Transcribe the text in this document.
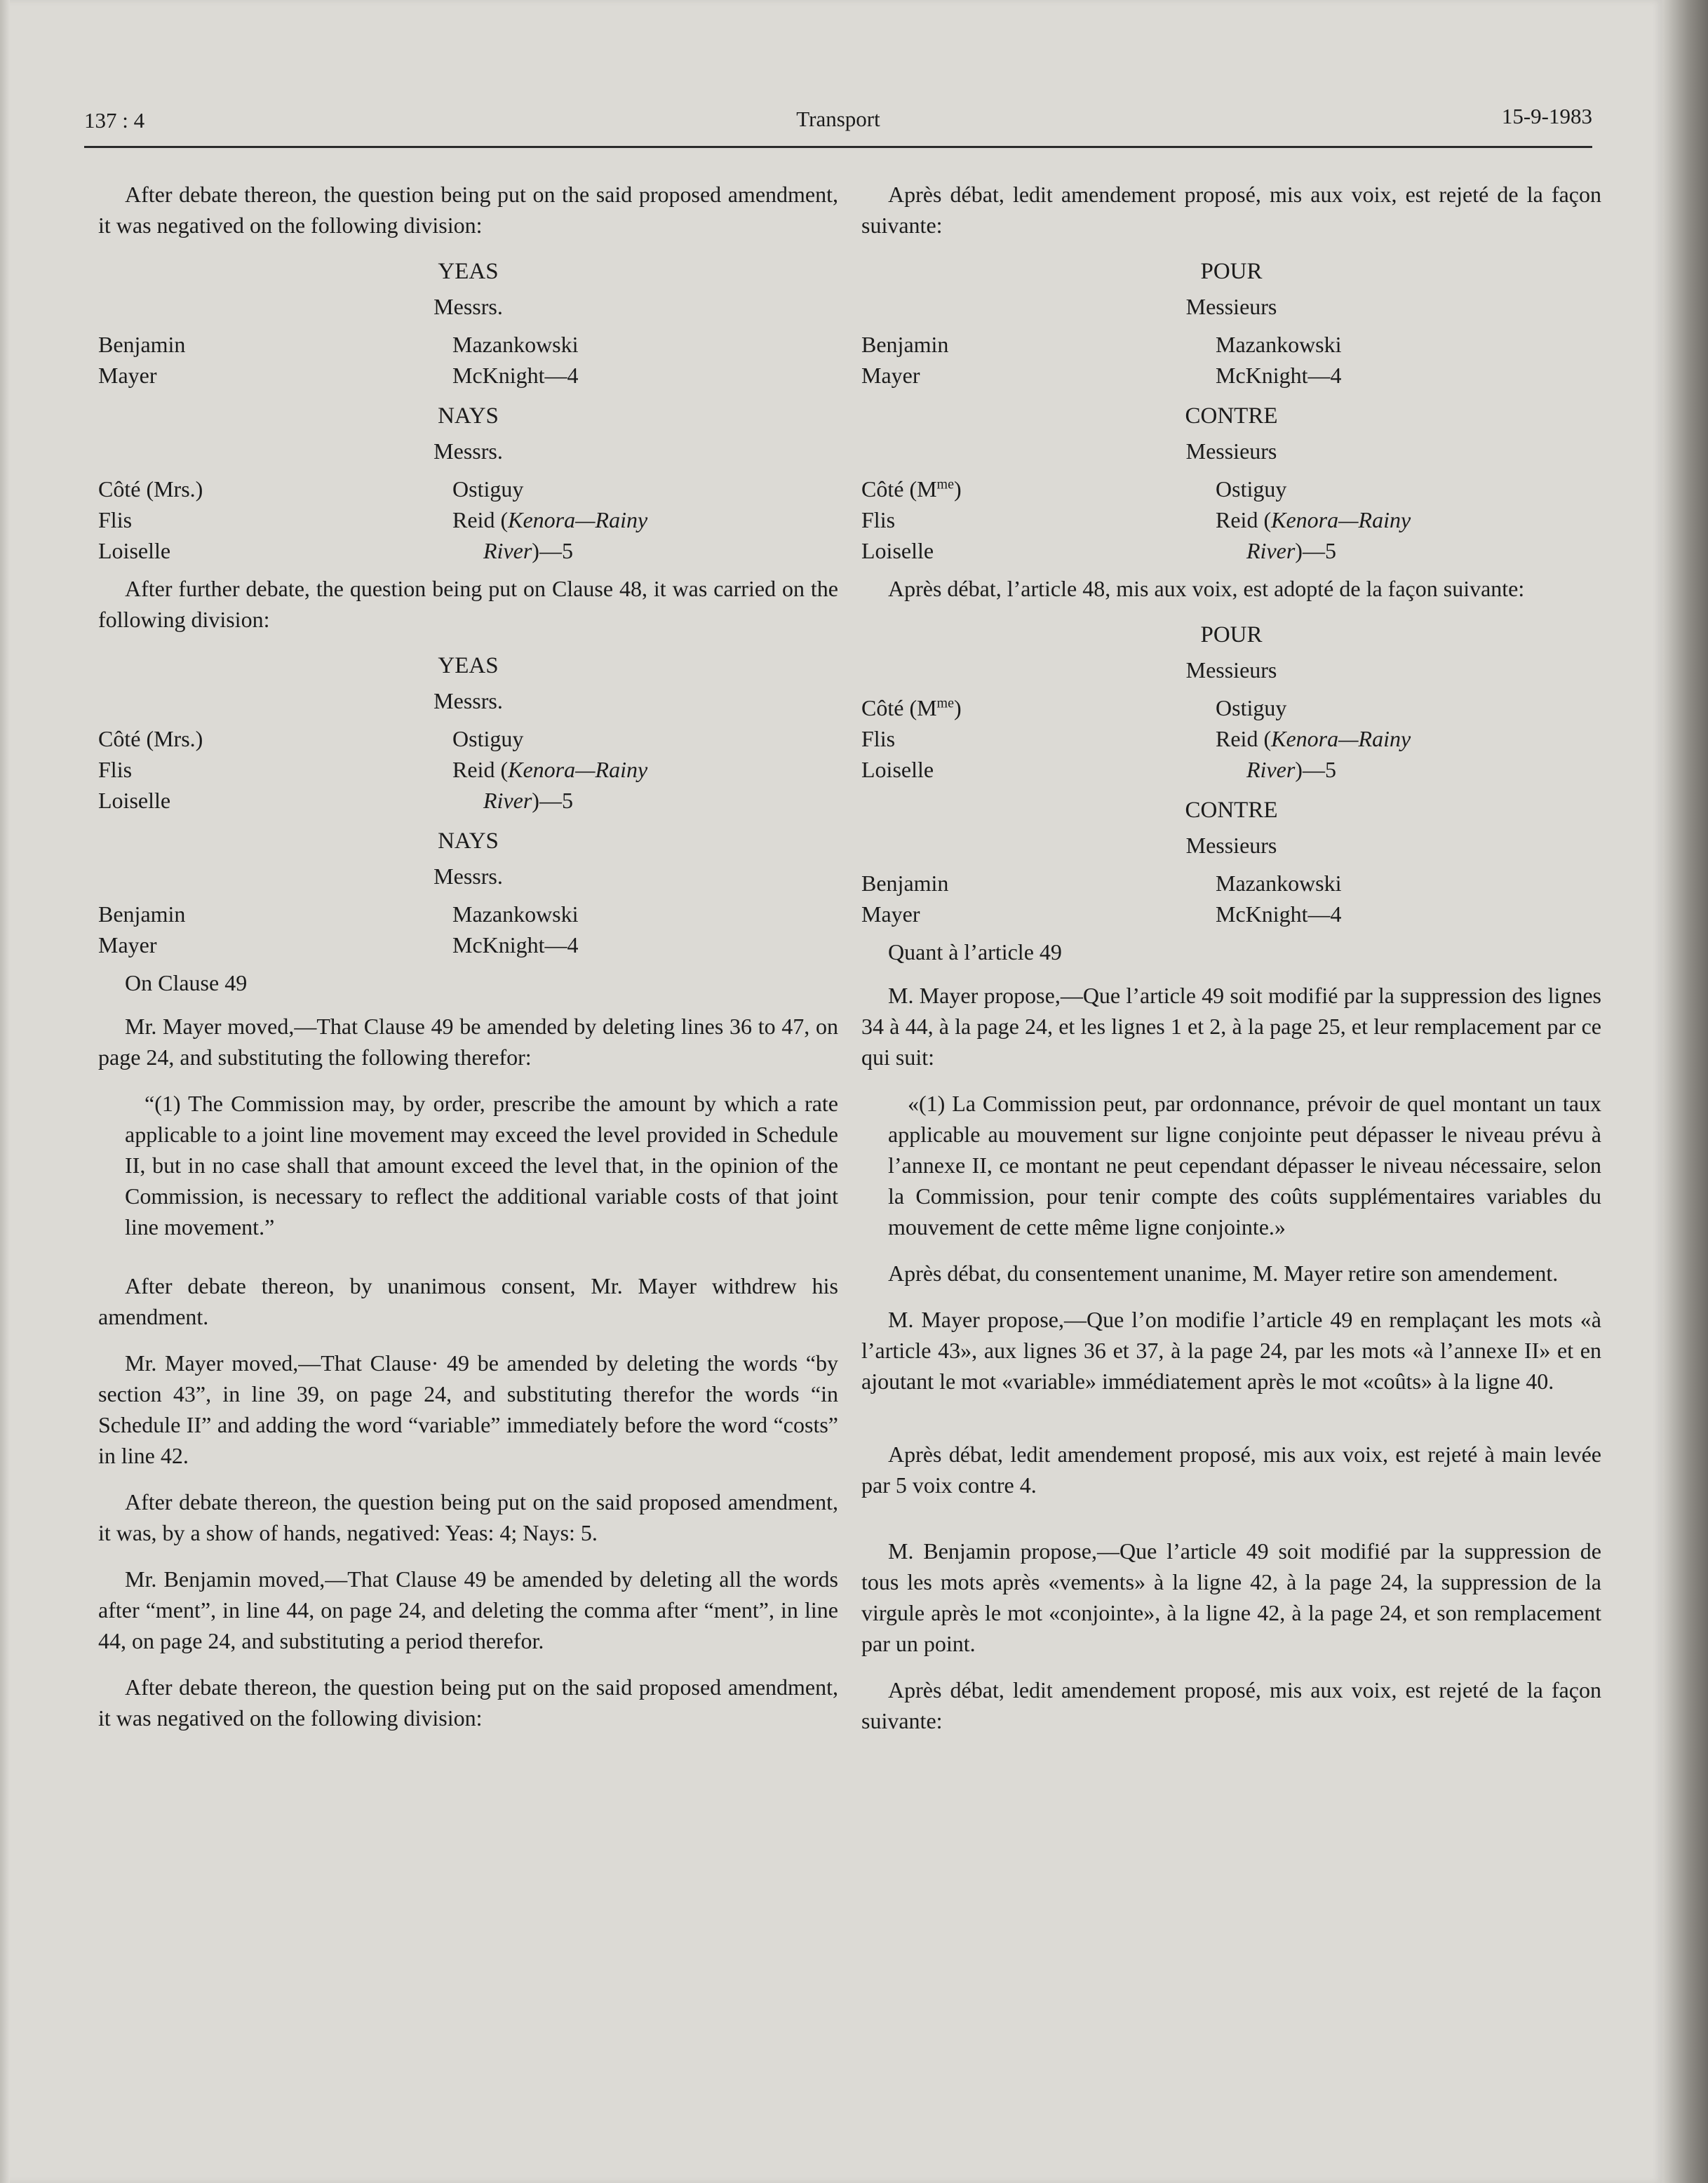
137 : 4	Transport	15-9-1983

After debate thereon, the question being put on the said proposed amendment, it was negatived on the following division:

YEAS
Messrs.
Benjamin
Mayer
Mazankowski
McKnight—4
NAYS
Messrs.
Côté (Mrs.)
Flis
Loiselle
Ostiguy
Reid (Kenora—Rainy
River)—5

After further debate, the question being put on Clause 48, it was carried on the following division:

YEAS
Messrs.
Côté (Mrs.)
Flis
Loiselle
Ostiguy
Reid (Kenora—Rainy
River)—5
NAYS
Messrs.
Benjamin
Mayer
Mazankowski
McKnight—4
On Clause 49

Mr. Mayer moved,—That Clause 49 be amended by deleting lines 36 to 47, on page 24, and substituting the following therefor:

“(1) The Commission may, by order, prescribe the amount by which a rate applicable to a joint line movement may exceed the level provided in Schedule II, but in no case shall that amount exceed the level that, in the opinion of the Commission, is necessary to reflect the additional variable costs of that joint line movement.”

After debate thereon, by unanimous consent, Mr. Mayer withdrew his amendment.

Mr. Mayer moved,—That Clause· 49 be amended by deleting the words “by section 43”, in line 39, on page 24, and substituting therefor the words “in Schedule II” and adding the word “variable” immediately before the word “costs” in line 42.

After debate thereon, the question being put on the said proposed amendment, it was, by a show of hands, negatived: Yeas: 4; Nays: 5.

Mr. Benjamin moved,—That Clause 49 be amended by deleting all the words after “ment”, in line 44, on page 24, and deleting the comma after “ment”, in line 44, on page 24, and substituting a period therefor.

After debate thereon, the question being put on the said proposed amendment, it was negatived on the following division:

Après débat, ledit amendement proposé, mis aux voix, est rejeté de la façon suivante:

POUR
Messieurs
Benjamin
Mayer
Mazankowski
McKnight—4
CONTRE
Messieurs
Côté $(M^{me})$
Flis
Loiselle
Ostiguy
Reid (Kenora—Rainy
River)—5

Après débat, l’article 48, mis aux voix, est adopté de la façon suivante:

POUR
Messieurs
Côté $(M^{me})$
Flis
Loiselle
Ostiguy
Reid (Kenora—Rainy
River)—5
CONTRE
Messieurs
Benjamin
Mayer
Mazankowski
McKnight—4
Quant à l’article 49

M. Mayer propose,—Que l’article 49 soit modifié par la suppression des lignes 34 à 44, à la page 24, et les lignes 1 et 2, à la page 25, et leur remplacement par ce qui suit:

«(1) La Commission peut, par ordonnance, prévoir de quel montant un taux applicable au mouvement sur ligne conjointe peut dépasser le niveau prévu à l’annexe II, ce montant ne peut cependant dépasser le niveau nécessaire, selon la Commission, pour tenir compte des coûts supplémentaires variables du mouvement de cette même ligne conjointe.»

Après débat, du consentement unanime, M. Mayer retire son amendement.

M. Mayer propose,—Que l’on modifie l’article 49 en remplaçant les mots «à l’article 43», aux lignes 36 et 37, à la page 24, par les mots «à l’annexe II» et en ajoutant le mot «variable» immédiatement après le mot «coûts» à la ligne 40.

Après débat, ledit amendement proposé, mis aux voix, est rejeté à main levée par 5 voix contre 4.

M. Benjamin propose,—Que l’article 49 soit modifié par la suppression de tous les mots après «vements» à la ligne 42, à la page 24, la suppression de la virgule après le mot «conjointe», à la ligne 42, à la page 24, et son remplacement par un point.

Après débat, ledit amendement proposé, mis aux voix, est rejeté de la façon suivante:
